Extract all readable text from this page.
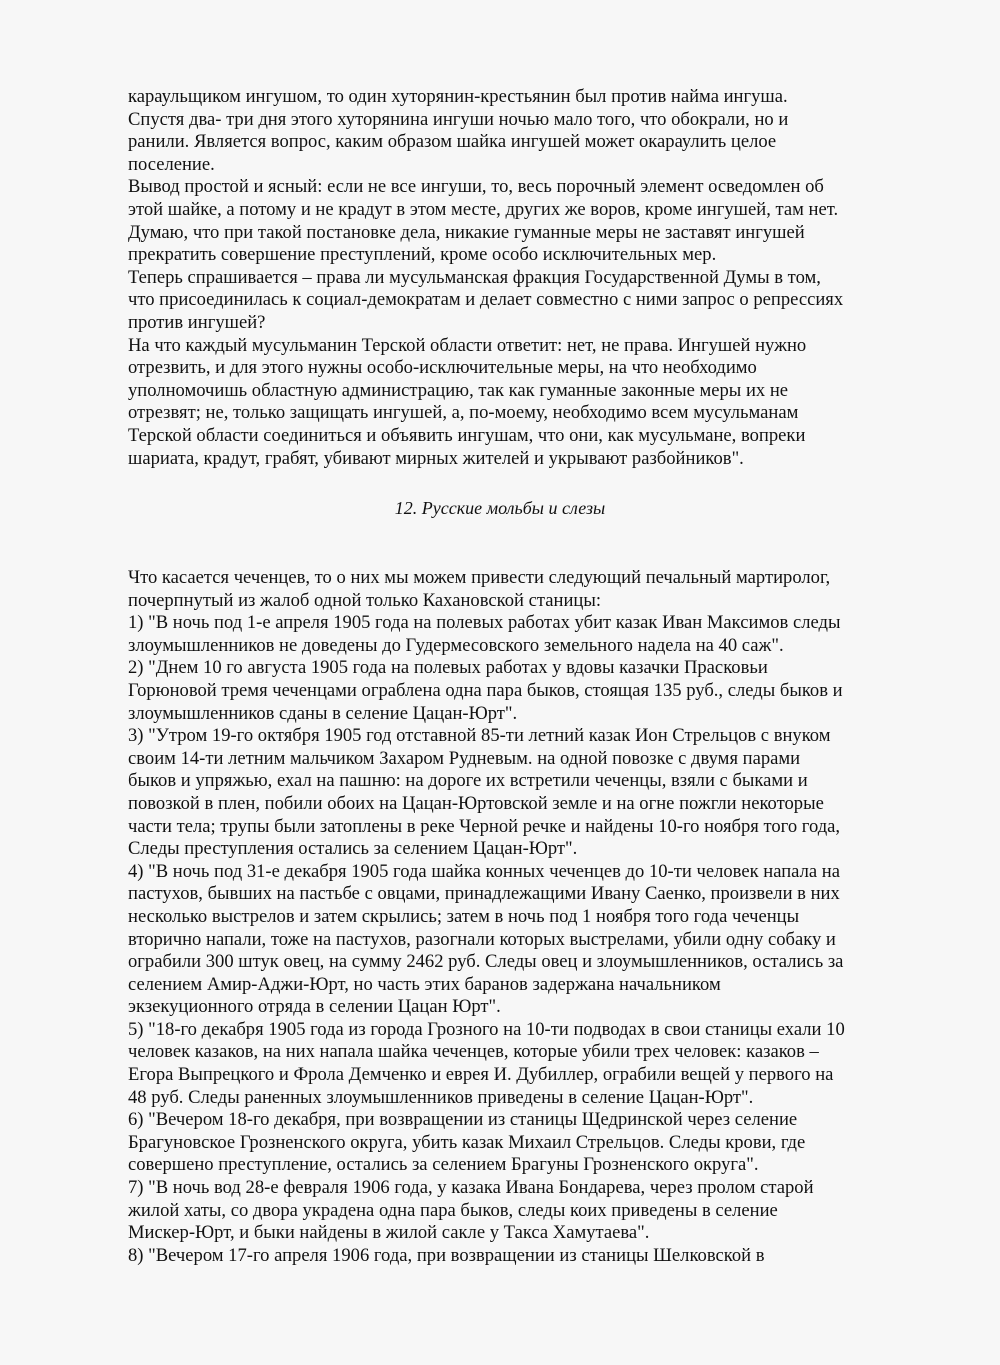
караульщиком ингушом, то один хуторянин-крестьянин был против найма ингуша.

Спустя два- три дня этого хуторянина ингуши ночью мало того, что обокрали, но и

ранили. Является вопрос, каким образом шайка ингушей может окараулить целое

поселение.

Вывод простой и ясный: если не все ингуши, то, весь порочный элемент осведомлен об

этой шайке, а потому и не крадут в этом месте, других же воров, кроме ингушей, там нет.

Думаю, что при такой постановке дела, никакие гуманные меры не заставят ингушей

прекратить совершение преступлений, кроме особо исключительных мер.

Теперь спрашивается – права ли мусульманская фракция Государственной Думы в том,

что присоединилась к социал-демократам и делает совместно с ними запрос о репрессиях

против ингушей?

На что каждый мусульманин Терской области ответит: нет, не права. Ингушей нужно

отрезвить, и для этого нужны особо-исключительные меры, на что необходимо

уполномочишь областную администрацию, так как гуманные законные меры их не

отрезвят; не, только защищать ингушей, а, по-моему, необходимо всем мусульманам

Терской области соединиться и объявить ингушам, что они, как мусульмане, вопреки

шариата, крадут, грабят, убивают мирных жителей и укрывают разбойников".

12. Русские мольбы и слезы

Что касается чеченцев, то о них мы можем привести следующий печальный мартиролог,

почерпнутый из жалоб одной только Кахановской станицы:

1) "В ночь под 1-е апреля 1905 года на полевых работах убит казак Иван Максимов следы

злоумышленников не доведены до Гудермесовского земельного надела на 40 саж".

2) "Днем 10 го августа 1905 года на полевых работах у вдовы казачки Прасковьи

Горюновой тремя чеченцами ограблена одна пара быков, стоящая 135 руб., следы быков и

злоумышленников сданы в селение Цацан-Юрт".

3) "Утром 19-го октября 1905 год отставной 85-ти летний казак Ион Стрельцов с внуком

своим 14-ти летним мальчиком Захаром Рудневым. на одной повозке с двумя парами

быков и упряжью, ехал на пашню: на дороге их встретили чеченцы, взяли с быками и

повозкой в плен, побили обоих на Цацан-Юртовской земле и на огне пожгли некоторые

части тела; трупы были затоплены в реке Черной речке и найдены 10-го ноября того года,

Следы преступления остались за селением Цацан-Юрт".

4) "В ночь под 31-е декабря 1905 года шайка конных чеченцев до 10-ти человек напала на

пастухов, бывших на пастьбе с овцами, принадлежащими Ивану Саенко, произвели в них

несколько выстрелов и затем скрылись; затем в ночь под 1 ноября того года чеченцы

вторично напали, тоже на пастухов, разогнали которых выстрелами, убили одну собаку и

ограбили 300 штук овец, на сумму 2462 руб. Следы овец и злоумышленников, остались за

селением Амир-Аджи-Юрт, но часть этих баранов задержана начальником

экзекуционного отряда в селении Цацан Юрт".

5) "18-го декабря 1905 года из города Грозного на 10-ти подводах в свои станицы ехали 10

человек казаков, на них напала шайка чеченцев, которые убили трех человек: казаков –

Егора Выпрецкого и Фрола Демченко и еврея И. Дубиллер, ограбили вещей у первого на

48 руб. Следы раненных злоумышленников приведены в селение Цацан-Юрт".

6) "Вечером 18-го декабря, при возвращении из станицы Щедринской через селение

Брагуновское Грозненского округа, убить казак Михаил Стрельцов. Следы крови, где

совершено преступление, остались за селением Брагуны Грозненского округа".

7) "В ночь вод 28-е февраля 1906 года, у казака Ивана Бондарева, через пролом старой

жилой хаты, со двора украдена одна пара быков, следы коих приведены в селение

Мискер-Юрт, и быки найдены в жилой сакле у Такса Хамутаева".

8) "Вечером 17-го апреля 1906 года, при возвращении из станицы Шелковской в
